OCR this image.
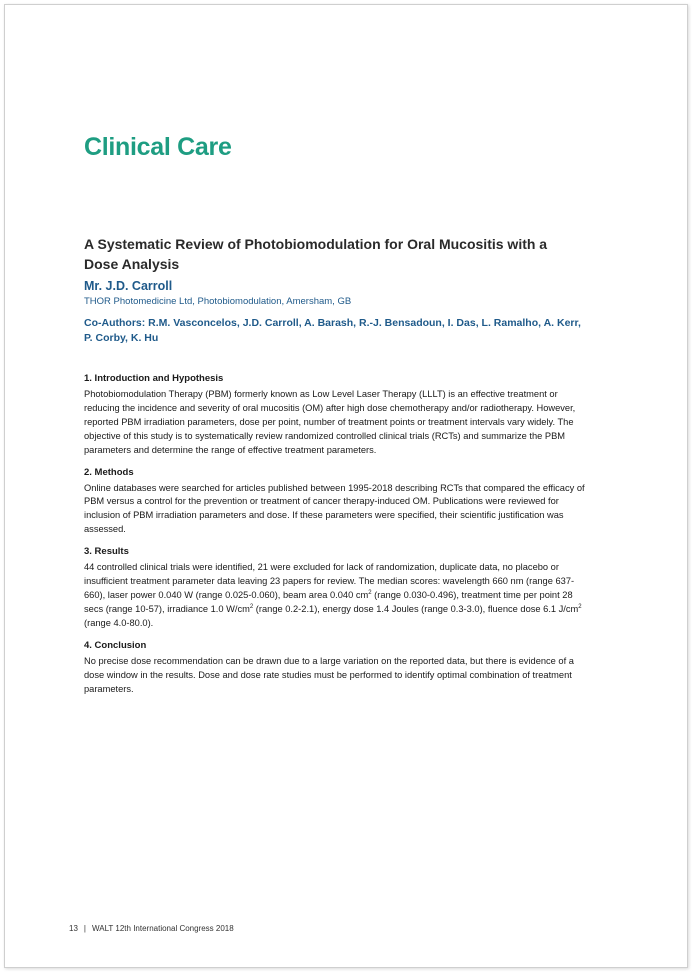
Clinical Care
A Systematic Review of Photobiomodulation for Oral Mucositis with a Dose Analysis
Mr. J.D. Carroll
THOR Photomedicine Ltd, Photobiomodulation, Amersham, GB
Co-Authors: R.M. Vasconcelos, J.D. Carroll, A. Barash, R.-J. Bensadoun, I. Das, L. Ramalho, A. Kerr, P. Corby, K. Hu
1. Introduction and Hypothesis
Photobiomodulation Therapy (PBM) formerly known as Low Level Laser Therapy (LLLT) is an effective treatment or reducing the incidence and severity of oral mucositis (OM) after high dose chemotherapy and/or radiotherapy. However, reported PBM irradiation parameters, dose per point, number of treatment points or treatment intervals vary widely. The objective of this study is to systematically review randomized controlled clinical trials (RCTs) and summarize the PBM parameters and determine the range of effective treatment parameters.
2. Methods
Online databases were searched for articles published between 1995-2018 describing RCTs that compared the efficacy of PBM versus a control for the prevention or treatment of cancer therapy-induced OM. Publications were reviewed for inclusion of PBM irradiation parameters and dose. If these parameters were specified, their scientific justification was assessed.
3. Results
44 controlled clinical trials were identified, 21 were excluded for lack of randomization, duplicate data, no placebo or insufficient treatment parameter data leaving 23 papers for review. The median scores: wavelength 660 nm (range 637-660), laser power 0.040 W (range 0.025-0.060), beam area 0.040 $cm^2$ (range 0.030-0.496), treatment time per point 28 secs (range 10-57), irradiance 1.0 $W/cm^2$ (range 0.2-2.1), energy dose 1.4 Joules (range 0.3-3.0), fluence dose 6.1 $J/cm^2$ (range 4.0-80.0).
4. Conclusion
No precise dose recommendation can be drawn due to a large variation on the reported data, but there is evidence of a dose window in the results. Dose and dose rate studies must be performed to identify optimal combination of treatment parameters.
13 | WALT 12th International Congress 2018
